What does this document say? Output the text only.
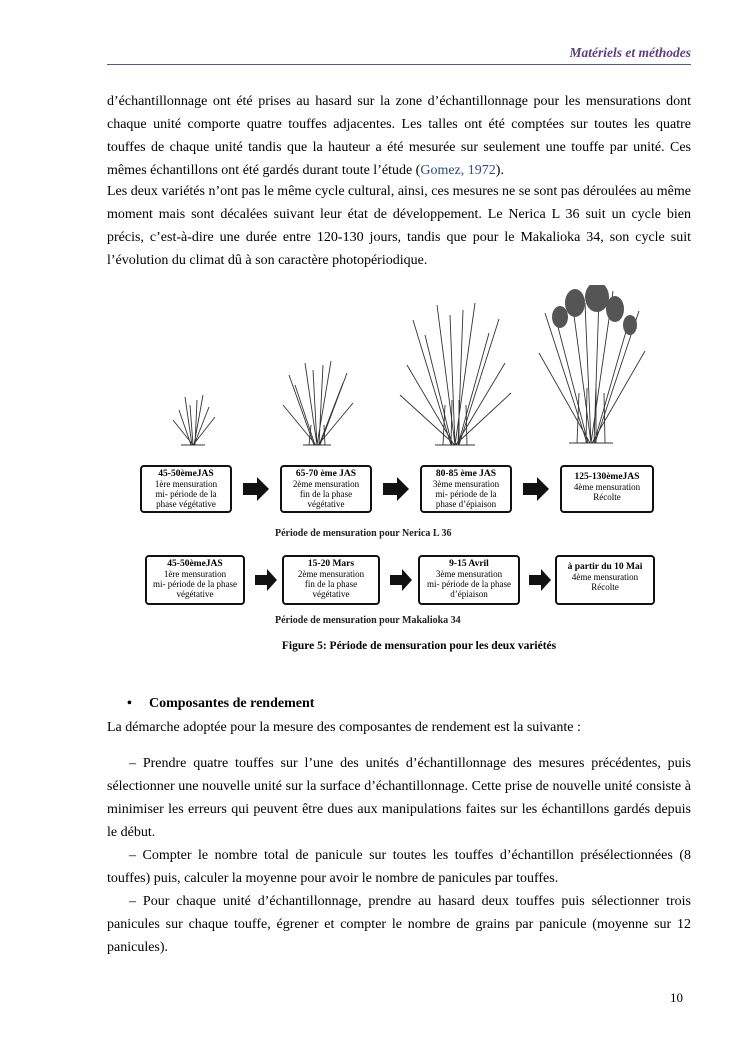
Matériels et méthodes
d’échantillonnage ont été prises au hasard sur la zone d’échantillonnage pour les mensurations dont chaque unité comporte quatre touffes adjacentes. Les talles ont été comptées sur toutes les quatre touffes de chaque unité tandis que la hauteur a été mesurée sur seulement une touffe par unité. Ces mêmes échantillons ont été gardés durant toute l’étude (Gomez, 1972).
Les deux variétés n’ont pas le même cycle cultural, ainsi, ces mesures ne se sont pas déroulées au même moment mais sont décalées suivant leur état de développement. Le Nerica L 36 suit un cycle bien précis, c’est-à-dire une durée entre 120-130 jours, tandis que pour le Makalioka 34, son cycle suit l’évolution du climat dû à son caractère photopériodique.
45-50èmeJAS
1ère mensuration
mi- période de la
phase végétative
65-70 ème JAS
2ème mensuration
fin de la phase
végétative
80-85 ème JAS
3ème mensuration
mi- période de la
phase d’épiaison
125-130èmeJAS
4ème mensuration
Récolte
Période de mensuration pour Nerica L 36
45-50èmeJAS
1ère mensuration
mi- période de la phase
végétative
15-20 Mars
2ème mensuration
fin de la phase
végétative
9-15 Avril
3ème mensuration
mi- période de la phase
d’épiaison
à partir du 10 Mai
4ème mensuration
Récolte
Période de mensuration pour Makalioka 34
Figure 5: Période de mensuration pour les deux variétés
• Composantes de rendement
La démarche adoptée pour la mesure des composantes de rendement est la suivante :

– Prendre quatre touffes sur l’une des unités d’échantillonnage des mesures précédentes, puis sélectionner une nouvelle unité sur la surface d’échantillonnage. Cette prise de nouvelle unité consiste à minimiser les erreurs qui peuvent être dues aux manipulations faites sur les échantillons gardés depuis le début.

– Compter le nombre total de panicule sur toutes les touffes d’échantillon présélectionnées (8 touffes) puis, calculer la moyenne pour avoir le nombre de panicules par touffes.

– Pour chaque unité d’échantillonnage, prendre au hasard deux touffes puis sélectionner trois panicules sur chaque touffe, égrener et compter le nombre de grains par panicule (moyenne sur 12 panicules).

10
